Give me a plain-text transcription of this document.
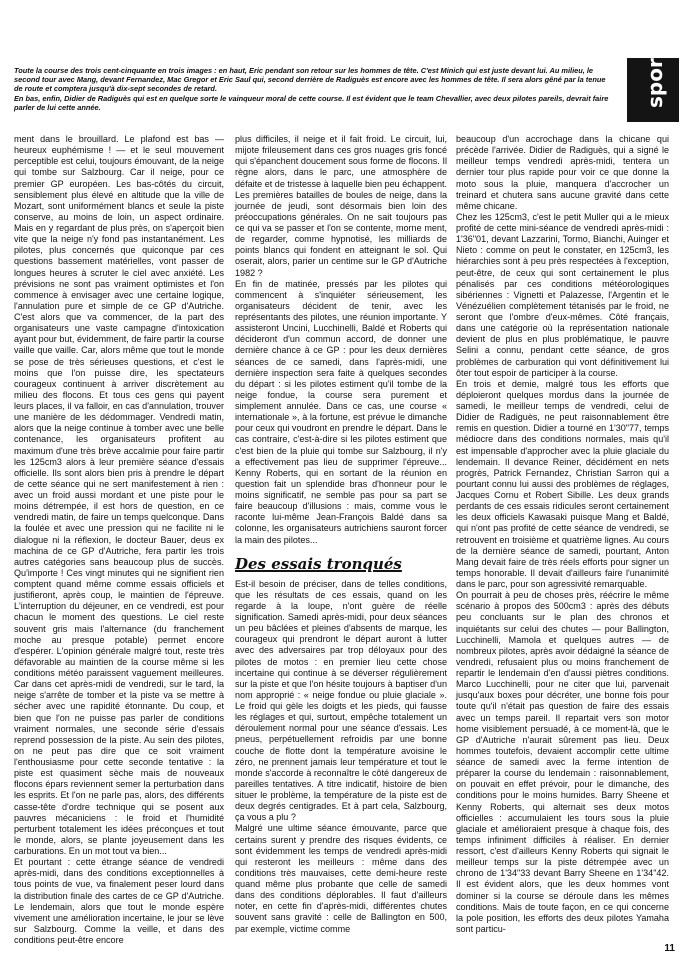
Toute la course des trois cent-cinquante en trois images : en haut, Eric pendant son retour sur les hommes de tête. C'est Minich qui est juste devant lui. Au milieu, le second tour avec Mang, devant Fernandez, Mac Gregor et Eric Saul qui, second derrière de Radiguès est encore avec les hommes de tête. Il sera alors gêné par la tenue de route et comptera jusqu'à dix-sept secondes de retard.

En bas, enfin, Didier de Radiguès qui est en quelque sorte le vainqueur moral de cette course. Il est évident que le team Chevallier, avec deux pilotes pareils, devrait faire parler de lui cette année.	sport

ment dans le brouillard. Le plafond est bas — heureux euphémisme ! — et le seul mouvement perceptible est celui, toujours émouvant, de la neige qui tombe sur Salzbourg. Car il neige, pour ce premier GP européen. Les bas-côtés du circuit, sensiblement plus élevé en altitude que la ville de Mozart, sont uniformément blancs et seule la piste conserve, au moins de loin, un aspect ordinaire. Mais en y regardant de plus près, on s'aperçoit bien vite que la neige n'y fond pas instantanément. Les pilotes, plus concernés que quiconque par ces questions bassement matérielles, vont passer de longues heures à scruter le ciel avec anxiété. Les prévisions ne sont pas vraiment optimistes et l'on commence à envisager avec une certaine logique, l'annulation pure et simple de ce GP d'Autriche. C'est alors que va commencer, de la part des organisateurs une vaste campagne d'intoxication ayant pour but, évidemment, de faire partir la course vaille que vaille. Car, alors même que tout le monde se pose de très sérieuses questions, et c'est le moins que l'on puisse dire, les spectateurs courageux continuent à arriver discrètement au milieu des flocons. Et tous ces gens qui payent leurs places, il va falloir, en cas d'annulation, trouver une manière de les dédommager. Vendredi matin, alors que la neige continue à tomber avec une belle contenance, les organisateurs profitent au maximum d'une très brève accalmie pour faire partir les 125cm3 alors à leur première séance d'essais officielle. Ils sont alors bien pris à prendre le départ de cette séance qui ne sert manifestement à rien : avec un froid aussi mordant et une piste pour le moins détrempée, il est hors de question, en ce vendredi matin, de faire un temps quelconque. Dans la foulée et avec une pression qui ne facilite ni le dialogue ni la réflexion, le docteur Bauer, deus ex machina de ce GP d'Autriche, fera partir les trois autres catégories sans beaucoup plus de succès. Qu'importe ! Ces vingt minutes qui ne signifient rien comptent quand même comme essais officiels et justifieront, après coup, le maintien de l'épreuve. L'interruption du déjeuner, en ce vendredi, est pour chacun le moment des questions. Le ciel reste souvent gris mais l'alternance (du franchement moche au presque potable) permet encore d'espérer. L'opinion générale malgré tout, reste très défavorable au maintien de la course même si les conditions météo paraissent vaguement meilleures. Car dans cet après-midi de vendredi, sur le tard, la neige s'arrête de tomber et la piste va se mettre à sécher avec une rapidité étonnante. Du coup, et bien que l'on ne puisse pas parler de conditions vraiment normales, une seconde série d'essais reprend possession de la piste. Au sein des pilotes, on ne peut pas dire que ce soit vraiment l'enthousiasme pour cette seconde tentative : la piste est quasiment sèche mais de nouveaux flocons épars reviennent semer la perturbation dans les esprits. Et l'on ne parle pas, alors, des différents casse-tête d'ordre technique qui se posent aux pauvres mécaniciens : le froid et l'humidité perturbent totalement les idées préconçues et tout le monde, alors, se plante joyeusement dans les carburations. En un mot tout va bien...

Et pourtant : cette étrange séance de vendredi après-midi, dans des conditions exceptionnelles à tous points de vue, va finalement peser lourd dans la distribution finale des cartes de ce GP d'Autriche. Le lendemain, alors que tout le monde espère vivement une amélioration incertaine, le jour se lève sur Salzbourg. Comme la veille, et dans des conditions peut-être encore

plus difficiles, il neige et il fait froid. Le circuit, lui, mijote frileusement dans ces gros nuages gris foncé qui s'épanchent doucement sous forme de flocons. Il règne alors, dans le parc, une atmosphère de défaite et de tristesse à laquelle bien peu échappent. Les premières batailles de boules de neige, dans la journée de jeudi, sont désormais bien loin des préoccupations générales. On ne sait toujours pas ce qui va se passer et l'on se contente, morne ment, de regarder, comme hypnotisé, les milliards de points blancs qui fondent en atteignant le sol. Qui oserait, alors, parier un centime sur le GP d'Autriche 1982 ?

En fin de matinée, pressés par les pilotes qui commencent à s'inquiéter sérieusement, les organisateurs décident de tenir, avec les représentants des pilotes, une réunion importante. Y assisteront Uncini, Lucchinelli, Baldé et Roberts qui décideront d'un commun accord, de donner une dernière chance à ce GP : pour les deux dernières séances de ce samedi, dans l'après-midi, une dernière inspection sera faite à quelques secondes du départ : si les pilotes estiment qu'il tombe de la neige fondue, la course sera purement et simplement annulée. Dans ce cas, une course « internationale », à la fortune, est prévue le dimanche pour ceux qui voudront en prendre le départ. Dans le cas contraire, c'est-à-dire si les pilotes estiment que c'est bien de la pluie qui tombe sur Salzbourg, il n'y a effectivement pas lieu de supprimer l'épreuve... Kenny Roberts, qui en sortant de la réunion en question fait un splendide bras d'honneur pour le moins significatif, ne semble pas pour sa part se faire beaucoup d'illusions : mais, comme vous le raconte lui-même Jean-François Baldé dans sa colonne, les organisateurs autrichiens sauront forcer la main des pilotes...

Des essais tronqués

Est-il besoin de préciser, dans de telles conditions, que les résultats de ces essais, quand on les regarde à la loupe, n'ont guère de réelle signification. Samedi après-midi, pour deux séances un peu bâclées et pleines d'absents de marque, les courageux qui prendront le départ auront à lutter avec des adversaires par trop déloyaux pour des pilotes de motos : en premier lieu cette chose incertaine qui continue à se déverser régulièrement sur la piste et que l'on hésite toujours à baptiser d'un nom approprié : « neige fondue ou pluie glaciale ». Le froid qui gèle les doigts et les pieds, qui fausse les réglages et qui, surtout, empêche totalement un déroulement normal pour une séance d'essais. Les pneus, perpétuellement refroidis par une bonne couche de flotte dont la température avoisine le zéro, ne prennent jamais leur température et tout le monde s'accorde à reconnaître le côté dangereux de pareilles tentatives. A titre indicatif, histoire de bien situer le problème, la température de la piste est de deux degrés centigrades. Et à part cela, Salzbourg, ça vous a plu ?

Malgré une ultime séance émouvante, parce que certains surent y prendre des risques évidents, ce sont évidemment les temps de vendredi après-midi qui resteront les meilleurs : même dans des conditions très mauvaises, cette demi-heure reste quand même plus probante que celle de samedi dans des conditions déplorables. Il faut d'ailleurs noter, en cette fin d'après-midi, différentes chutes souvent sans gravité : celle de Ballington en 500, par exemple, victime comme

beaucoup d'un accrochage dans la chicane qui précède l'arrivée. Didier de Radiguès, qui a signé le meilleur temps vendredi après-midi, tentera un dernier tour plus rapide pour voir ce que donne la moto sous la pluie, manquera d'accrocher un treinard et chutera sans aucune gravité dans cette même chicane.

Chez les 125cm3, c'est le petit Muller qui a le mieux profité de cette mini-séance de vendredi après-midi : 1'36"01, devant Lazzarini, Tormo, Bianchi, Auinger et Nieto : comme on peut le constater, en 125cm3, les hiérarchies sont à peu près respectées à l'exception, peut-être, de ceux qui sont certainement le plus pénalisés par ces conditions météorologiques sibériennes : Vignetti et Palazesse, l'Argentin et le Vénézuélien complètement tétanisés par le froid, ne seront que l'ombre d'eux-mêmes. Côté français, dans une catégorie où la représentation nationale devient de plus en plus problématique, le pauvre Selini a connu, pendant cette séance, de gros problèmes de carburation qui vont définitivement lui ôter tout espoir de participer à la course.

En trois et demie, malgré tous les efforts que déploieront quelques mordus dans la journée de samedi, le meilleur temps de vendredi, celui de Didier de Radiguès, ne peut raisonnablement être remis en question. Didier a tourné en 1'30"77, temps médiocre dans des conditions normales, mais qu'il est impensable d'approcher avec la pluie glaciale du lendemain. Il devance Reiner, décidément en nets progrès, Patrick Fernandez, Christian Sarron qui a pourtant connu lui aussi des problèmes de réglages, Jacques Cornu et Robert Sibille. Les deux grands perdants de ces essais ridicules seront certainement les deux officiels Kawasaki puisque Mang et Baldé, qui n'ont pas profité de cette séance de vendredi, se retrouvent en troisième et quatrième lignes. Au cours de la dernière séance de samedi, pourtant, Anton Mang devait faire de très réels efforts pour signer un temps honorable. Il devait d'ailleurs faire l'unanimité dans le parc, pour son agressivité remarquable.

On pourrait à peu de choses près, réécrire le même scénario à propos des 500cm3 : après des débuts peu concluants sur le plan des chronos et inquiétants sur celui des chutes — pour Ballington, Lucchinelli, Mamola et quelques autres — de nombreux pilotes, après avoir dédaigné la séance de vendredi, refusaient plus ou moins franchement de repartir le lendemain d'en d'aussi piètres conditions. Marco Lucchinelli, pour ne citer que lui, parvenait jusqu'aux boxes pour décréter, une bonne fois pour toute qu'il n'était pas question de faire des essais avec un temps pareil. Il repartait vers son motor home visiblement persuadé, à ce moment-là, que le GP d'Autriche n'aurait sûrement pas lieu. Deux hommes toutefois, devaient accomplir cette ultime séance de samedi avec la ferme intention de préparer la course du lendemain : raisonnablement, on pouvait en effet prévoir, pour le dimanche, des conditions pour le moins humides. Barry Sheene et Kenny Roberts, qui alternait ses deux motos officielles : accumulaient les tours sous la pluie glaciale et amélioraient presque à chaque fois, des temps infiniment difficiles à réaliser. En dernier ressort, c'est d'ailleurs Kenny Roberts qui signait le meilleur temps sur la piste détrempée avec un chrono de 1'34"33 devant Barry Sheene en 1'34"42. Il est évident alors, que les deux hommes vont dominer si la course se déroule dans les mêmes conditions. Mais de toute façon, en ce qui concerne la pole position, les efforts des deux pilotes Yamaha sont particu-

11
